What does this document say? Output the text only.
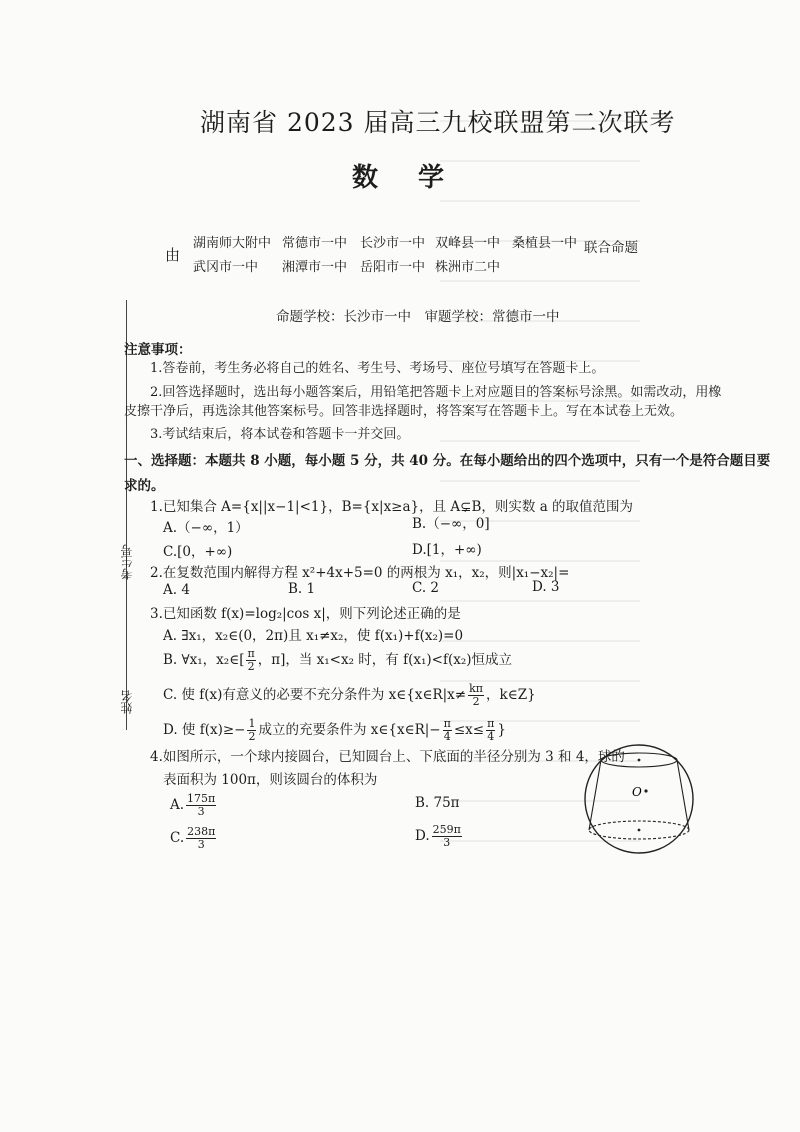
湖南省 2023 届高三九校联盟第二次联考
数学
由
湖南师大附中 常德市一中 长沙市一中 双峰县一中 桑植县一中
武冈市一中 湘潭市一中 岳阳市一中 株洲市二中
联合命题
命题学校：长沙市一中　审题学校：常德市一中
考生号
姓名
注意事项：
1.答卷前，考生务必将自己的姓名、考生号、考场号、座位号填写在答题卡上。
2.回答选择题时，选出每小题答案后，用铅笔把答题卡上对应题目的答案标号涂黑。如需改动，用橡
皮擦干净后，再选涂其他答案标号。回答非选择题时，将答案写在答题卡上。写在本试卷上无效。
3.考试结束后，将本试卷和答题卡一并交回。
一、选择题：本题共 8 小题，每小题 5 分，共 40 分。在每小题给出的四个选项中，只有一个是符合题目要
求的。
1.已知集合 A={x||x−1|<1}，B={x|x≥a}，且 A⊊B，则实数 a 的取值范围为
A.（−∞，1）	B.（−∞，0]
C.[0，+∞)	D.[1，+∞)
2.在复数范围内解得方程 x²+4x+5=0 的两根为 x₁，x₂，则|x₁−x₂|=
A. 4	B. 1	C. 2	D. 3
3.已知函数 f(x)=log₂|cos x|，则下列论述正确的是
A. ∃x₁，x₂∈(0，2π)且 x₁≠x₂，使 f(x₁)+f(x₂)=0
B. ∀x₁，x₂∈[ $\frac{\pi}{2}$ ，π]，当 x₁<x₂ 时，有 f(x₁)<f(x₂)恒成立
C. 使 f(x)有意义的必要不充分条件为 x∈{x∈R|x≠ $\frac{k\pi}{2}$ ，k∈Z}
D. 使 $f(x)\ge- \frac{1}{2}$ 成立的充要条件为 x∈{x∈R|− $\frac{\pi}{4} \le x\le \frac{\pi}{4}$ }
4.如图所示，一个球内接圆台，已知圆台上、下底面的半径分别为 3 和 4，球的
表面积为 100π，则该圆台的体积为
A. $\frac{175\pi}{3}$	B. 75π
C. $\frac{238\pi}{3}$	D. $\frac{259\pi}{3}$
O
